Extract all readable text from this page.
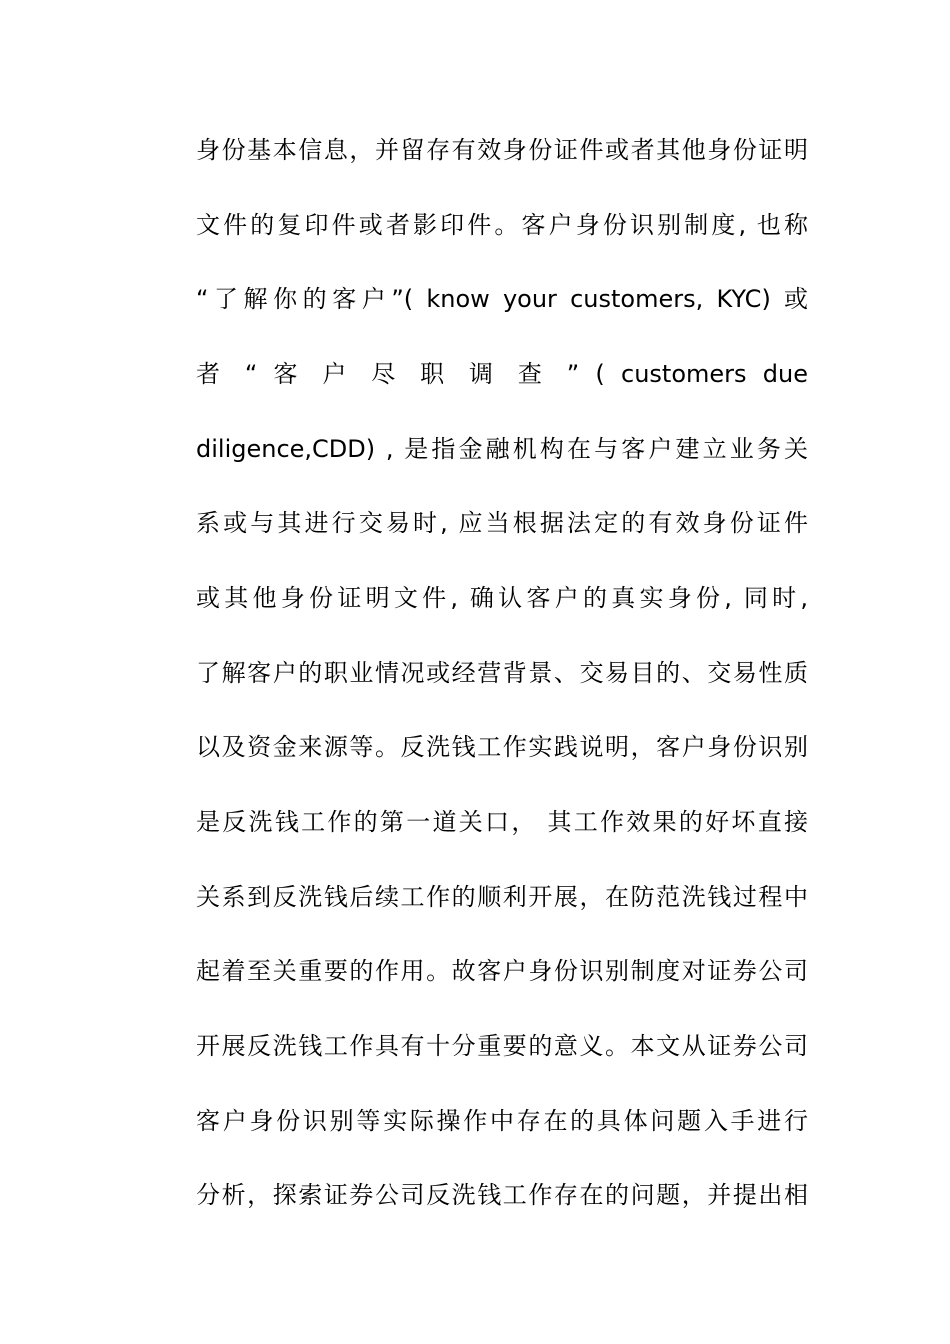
身份基本信息，并留存有效身份证件或者其他身份证明
文件的复印件或者影印件。客户身份识别制度, 也称
“了解你的客户”( know your customers, KYC) 或
者 “ 客 户 尽 职 调 查 ” ( customers due
diligence,CDD) , 是指金融机构在与客户建立业务关
系或与其进行交易时, 应当根据法定的有效身份证件
或其他身份证明文件, 确认客户的真实身份, 同时,
了解客户的职业情况或经营背景、交易目的、交易性质
以及资金来源等。反洗钱工作实践说明，客户身份识别
是反洗钱工作的第一道关口， 其工作效果的好坏直接
关系到反洗钱后续工作的顺利开展，在防范洗钱过程中
起着至关重要的作用。故客户身份识别制度对证券公司
开展反洗钱工作具有十分重要的意义。本文从证券公司
客户身份识别等实际操作中存在的具体问题入手进行
分析，探索证券公司反洗钱工作存在的问题，并提出相
